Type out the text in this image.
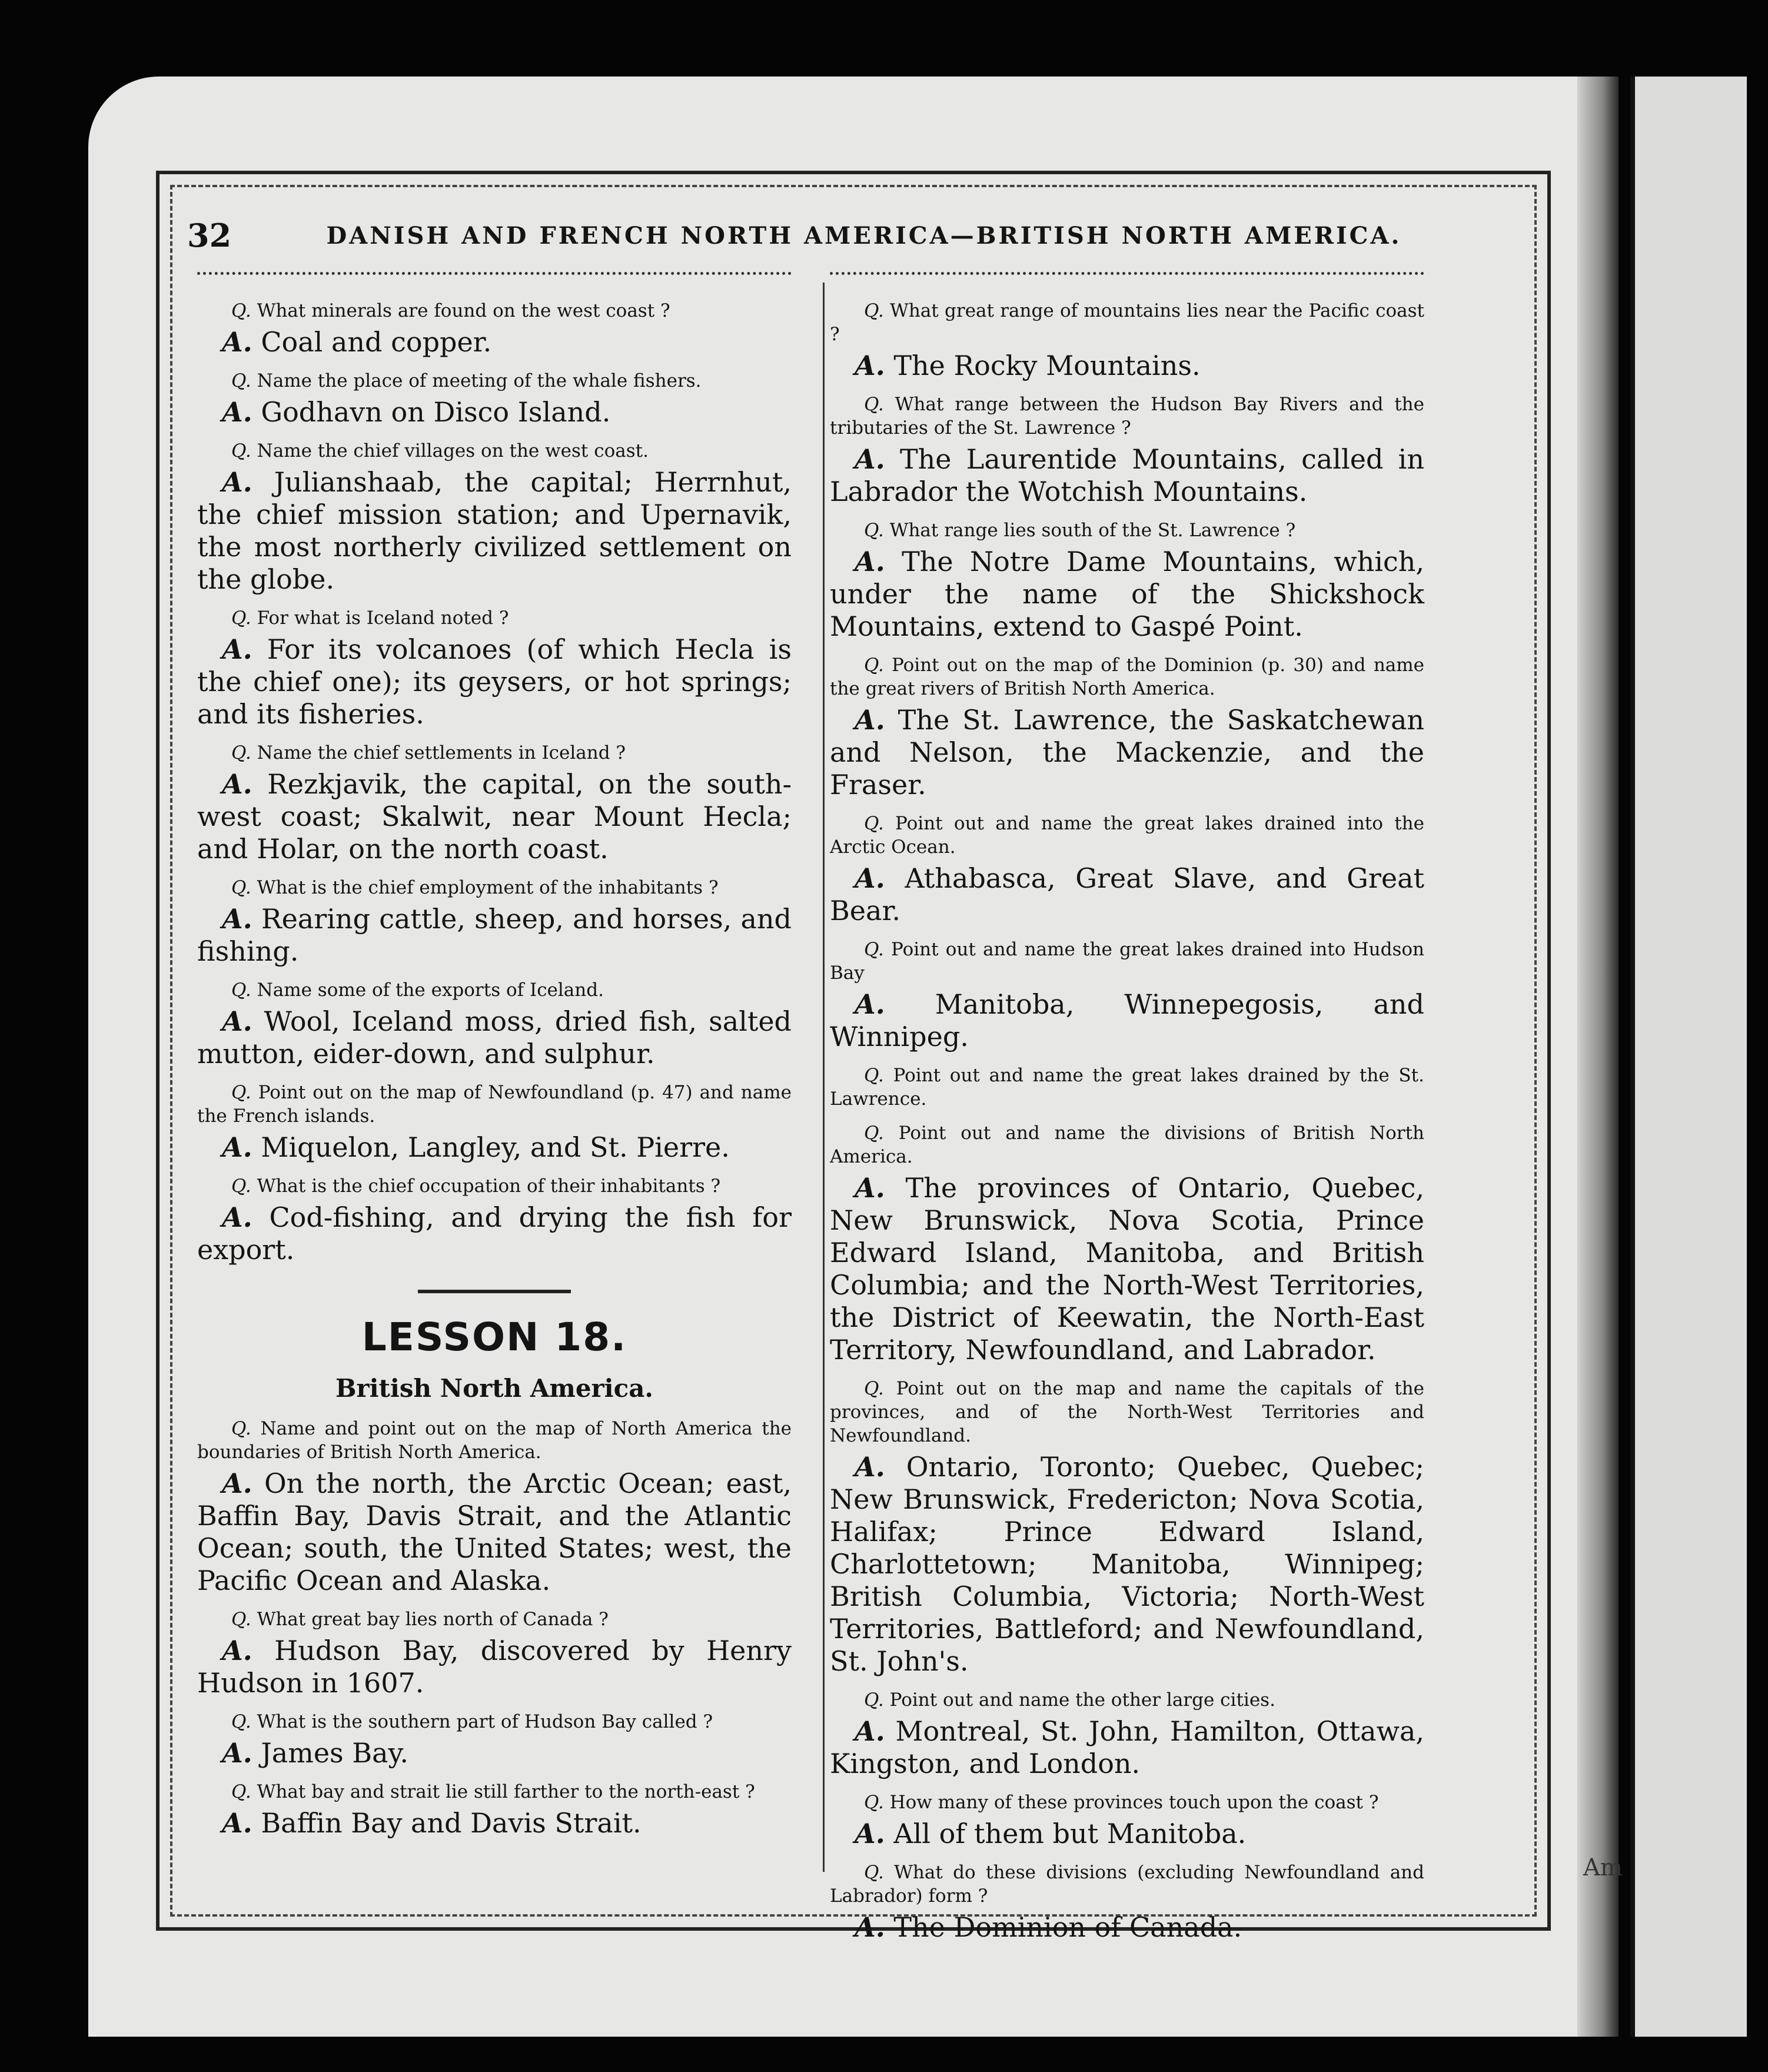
32	DANISH AND FRENCH NORTH AMERICA—BRITISH NORTH AMERICA.

Q. What minerals are found on the west coast ?

A. Coal and copper.

Q. Name the place of meeting of the whale fishers.

A. Godhavn on Disco Island.

Q. Name the chief villages on the west coast.

A. Julianshaab, the capital; Herrnhut, the chief mission station; and Upernavik, the most northerly civilized settlement on the globe.

Q. For what is Iceland noted ?

A. For its volcanoes (of which Hecla is the chief one); its geysers, or hot springs; and its fisheries.

Q. Name the chief settlements in Iceland ?

A. Rezkjavik, the capital, on the south-west coast; Skalwit, near Mount Hecla; and Holar, on the north coast.

Q. What is the chief employment of the inhabitants ?

A. Rearing cattle, sheep, and horses, and fishing.

Q. Name some of the exports of Iceland.

A. Wool, Iceland moss, dried fish, salted mutton, eider-down, and sulphur.

Q. Point out on the map of Newfoundland (p. 47) and name the French islands.

A. Miquelon, Langley, and St. Pierre.

Q. What is the chief occupation of their inhabitants ?

A. Cod-fishing, and drying the fish for export.

LESSON 18.
British North America.

Q. Name and point out on the map of North America the boundaries of British North America.

A. On the north, the Arctic Ocean; east, Baffin Bay, Davis Strait, and the Atlantic Ocean; south, the United States; west, the Pacific Ocean and Alaska.

Q. What great bay lies north of Canada ?

A. Hudson Bay, discovered by Henry Hudson in 1607.

Q. What is the southern part of Hudson Bay called ?

A. James Bay.

Q. What bay and strait lie still farther to the north-east ?

A. Baffin Bay and Davis Strait.

Q. What great range of mountains lies near the Pacific coast ?

A. The Rocky Mountains.

Q. What range between the Hudson Bay Rivers and the tributaries of the St. Lawrence ?

A. The Laurentide Mountains, called in Labrador the Wotchish Mountains.

Q. What range lies south of the St. Lawrence ?

A. The Notre Dame Mountains, which, under the name of the Shickshock Mountains, extend to Gaspé Point.

Q. Point out on the map of the Dominion (p. 30) and name the great rivers of British North America.

A. The St. Lawrence, the Saskatchewan and Nelson, the Mackenzie, and the Fraser.

Q. Point out and name the great lakes drained into the Arctic Ocean.

A. Athabasca, Great Slave, and Great Bear.

Q. Point out and name the great lakes drained into Hudson Bay

A. Manitoba, Winnepegosis, and Winnipeg.

Q. Point out and name the great lakes drained by the St. Lawrence.

Q. Point out and name the divisions of British North America.

A. The provinces of Ontario, Quebec, New Brunswick, Nova Scotia, Prince Edward Island, Manitoba, and British Columbia; and the North-West Territories, the District of Keewatin, the North-East Territory, Newfoundland, and Labrador.

Q. Point out on the map and name the capitals of the provinces, and of the North-West Territories and Newfoundland.

A. Ontario, Toronto; Quebec, Quebec; New Brunswick, Fredericton; Nova Scotia, Halifax; Prince Edward Island, Charlottetown; Manitoba, Winnipeg; British Columbia, Victoria; North-West Territories, Battleford; and Newfoundland, St. John's.

Q. Point out and name the other large cities.

A. Montreal, St. John, Hamilton, Ottawa, Kingston, and London.

Q. How many of these provinces touch upon the coast ?

A. All of them but Manitoba.

Q. What do these divisions (excluding Newfoundland and Labrador) form ?

A. The Dominion of Canada.

Am
